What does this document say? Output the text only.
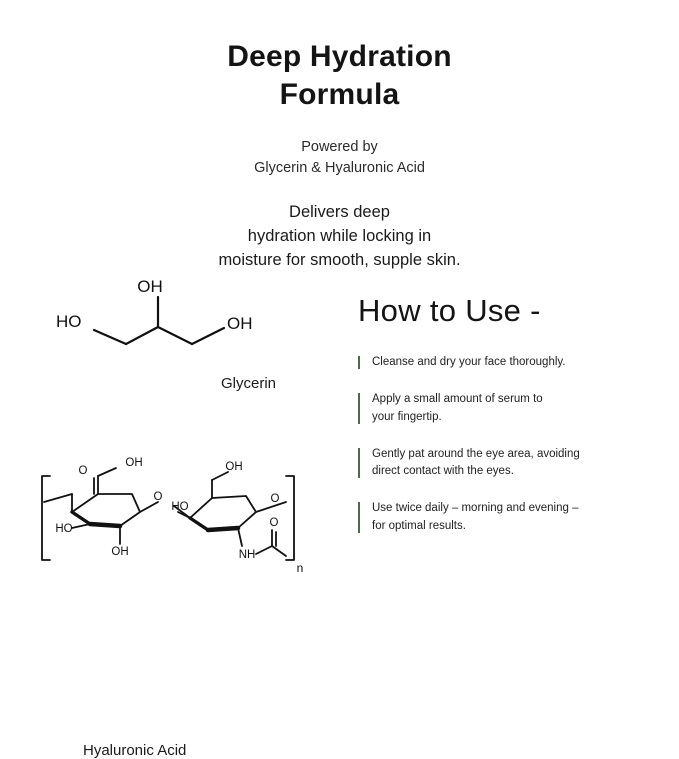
Deep Hydration
Formula
Powered by
Glycerin & Hyaluronic Acid
Delivers deep
hydration while locking in
moisture for smooth, supple skin.
OH
HO	OH
Glycerin
OH	OH
O
O	O
HO
HO
OH
O
NH
n
Hyaluronic Acid
How to Use -
Cleanse and dry your face thoroughly.
Apply a small amount of serum to
your fingertip.
Gently pat around the eye area, avoiding
direct contact with the eyes.
Use twice daily – morning and evening –
for optimal results.
